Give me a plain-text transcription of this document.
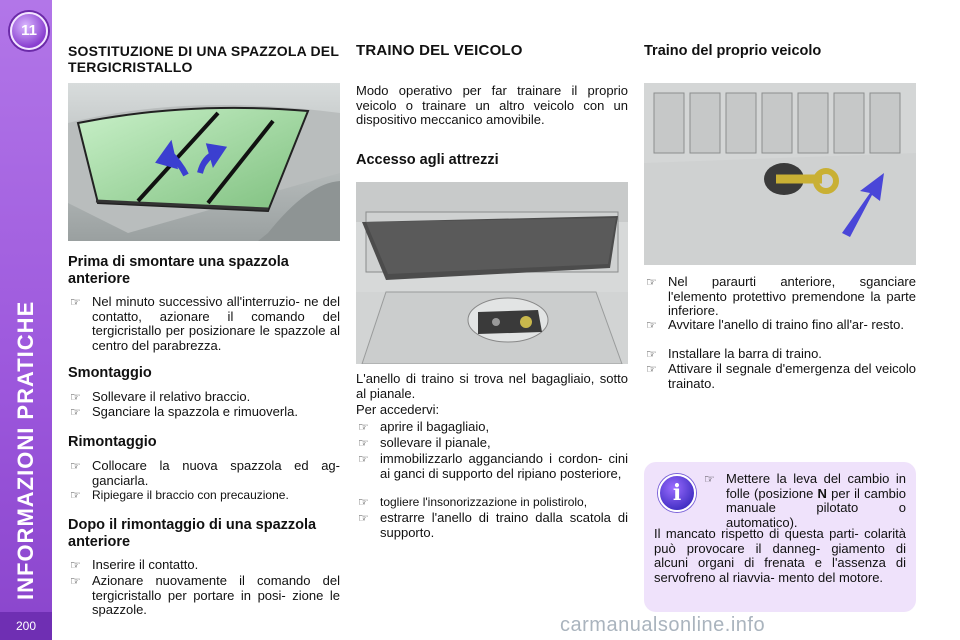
11
INFORMAZIONI PRATICHE
200
SOSTITUZIONE DI UNA SPAZZOLA DEL TERGICRISTALLO
Prima di smontare una spazzola anteriore
☞ Nel minuto successivo all'interruzio- ne del contatto, azionare il comando del tergicristallo per posizionare le spazzole al centro del parabrezza.
Smontaggio
☞ Sollevare il relativo braccio.
☞ Sganciare la spazzola e rimuoverla.
Rimontaggio
☞ Collocare la nuova spazzola ed ag- ganciarla.
☞ Ripiegare il braccio con precauzione.
Dopo il rimontaggio di una spazzola anteriore
☞ Inserire il contatto.
☞ Azionare nuovamente il comando del tergicristallo per portare in posi- zione le spazzole.
TRAINO DEL VEICOLO
Modo operativo per far trainare il proprio veicolo o trainare un altro veicolo con un dispositivo meccanico amovibile.
Accesso agli attrezzi
L'anello di traino si trova nel bagagliaio, sotto al pianale.
Per accedervi:
☞ aprire il bagagliaio,
☞ sollevare il pianale,
☞ immobilizzarlo agganciando i cordon- cini ai ganci di supporto del ripiano posteriore,
☞ togliere l'insonorizzazione in polistirolo,
☞ estrarre l'anello di traino dalla scatola di supporto.
Traino del proprio veicolo
☞ Nel paraurti anteriore, sganciare l'elemento protettivo premendone la parte inferiore.
☞ Avvitare l'anello di traino fino all'ar- resto.
☞ Installare la barra di traino.
☞ Attivare il segnale d'emergenza del veicolo trainato.
i
☞ Mettere la leva del cambio in folle (posizione N per il cambio manuale pilotato o automatico).
Il mancato rispetto di questa parti- colarità può provocare il danneg- giamento di alcuni organi di frenata e l'assenza di servofreno al riavvia- mento del motore.
carmanualsonline.info
